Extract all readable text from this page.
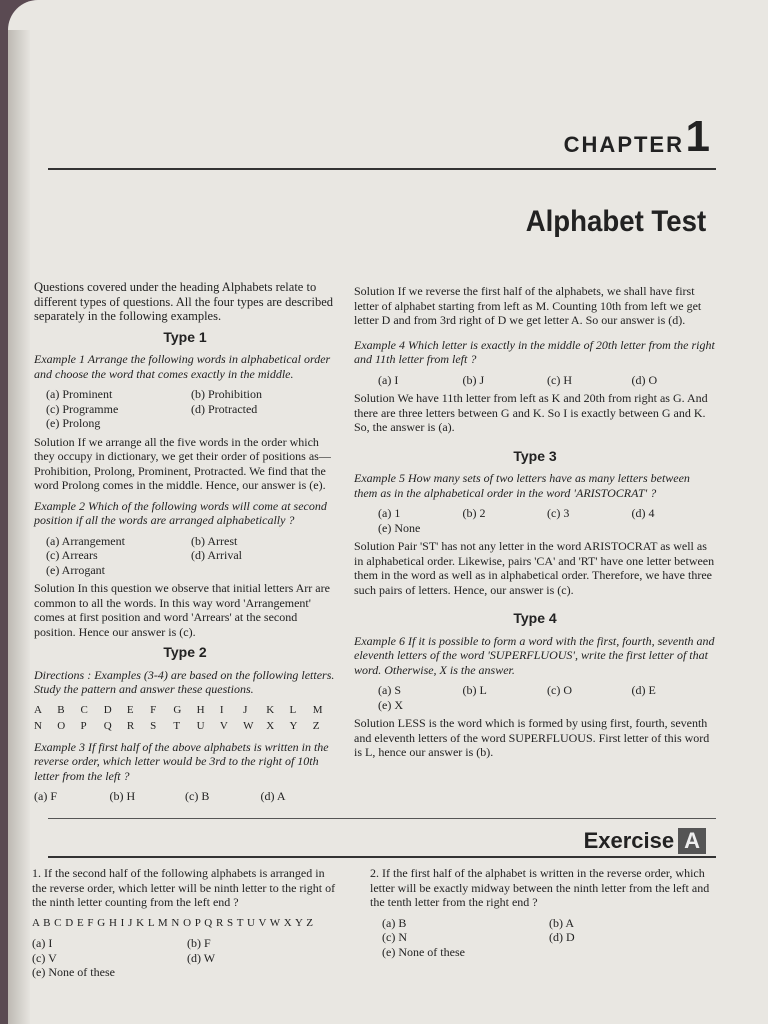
CHAPTER 1
Alphabet Test

Questions covered under the heading Alphabets relate to different types of questions. All the four types are described separately in the following examples.

Type 1

Example 1 Arrange the following words in alphabetical order and choose the word that comes exactly in the middle.

(a) Prominent	(b) Prohibition
(c) Programme	(d) Protracted
(e) Prolong

Solution If we arrange all the five words in the order which they occupy in dictionary, we get their order of positions as—Prohibition, Prolong, Prominent, Protracted. We find that the word Prolong comes in the middle. Hence, our answer is (e).

Example 2 Which of the following words will come at second position if all the words are arranged alphabetically ?

(a) Arrangement	(b) Arrest
(c) Arrears	(d) Arrival
(e) Arrogant

Solution In this question we observe that initial letters Arr are common to all the words. In this way word 'Arrangement' comes at first position and word 'Arrears' at the second position. Hence our answer is (c).

Type 2

Directions : Examples (3-4) are based on the following letters. Study the pattern and answer these questions.

A	B	C	D	E	F	G	H	I	J	K	L	M
N	O	P	Q	R	S	T	U	V	W	X	Y	Z

Example 3 If first half of the above alphabets is written in the reverse order, which letter would be 3rd to the right of 10th letter from the left ?

(a) F	(b) H	(c) B	(d) A

Solution If we reverse the first half of the alphabets, we shall have first letter of alphabet starting from left as M. Counting 10th from left we get letter D and from 3rd right of D we get letter A. So our answer is (d).

Example 4 Which letter is exactly in the middle of 20th letter from the right and 11th letter from left ?

(a) I	(b) J	(c) H	(d) O

Solution We have 11th letter from left as K and 20th from right as G. And there are three letters between G and K. So I is exactly between G and K. So, the answer is (a).

Type 3

Example 5 How many sets of two letters have as many letters between them as in the alphabetical order in the word 'ARISTOCRAT' ?

(a) 1	(b) 2	(c) 3	(d) 4
(e) None

Solution Pair 'ST' has not any letter in the word ARISTOCRAT as well as in alphabetical order. Likewise, pairs 'CA' and 'RT' have one letter between them in the word as well as in alphabetical order. Therefore, we have three such pairs of letters. Hence, our answer is (c).

Type 4

Example 6 If it is possible to form a word with the first, fourth, seventh and eleventh letters of the word 'SUPERFLUOUS', write the first letter of that word. Otherwise, X is the answer.

(a) S	(b) L	(c) O	(d) E
(e) X

Solution LESS is the word which is formed by using first, fourth, seventh and eleventh letters of the word SUPERFLUOUS. First letter of this word is L, hence our answer is (b).

Exercise A

1. If the second half of the following alphabets is arranged in the reverse order, which letter will be ninth letter to the right of the ninth letter counting from the left end ?

A B C D E F G H I J K L M N O P Q R S T U V W X Y Z

(a) I	(b) F
(c) V	(d) W
(e) None of these

2. If the first half of the alphabet is written in the reverse order, which letter will be exactly midway between the ninth letter from the left and the tenth letter from the right end ?

(a) B	(b) A
(c) N	(d) D
(e) None of these
